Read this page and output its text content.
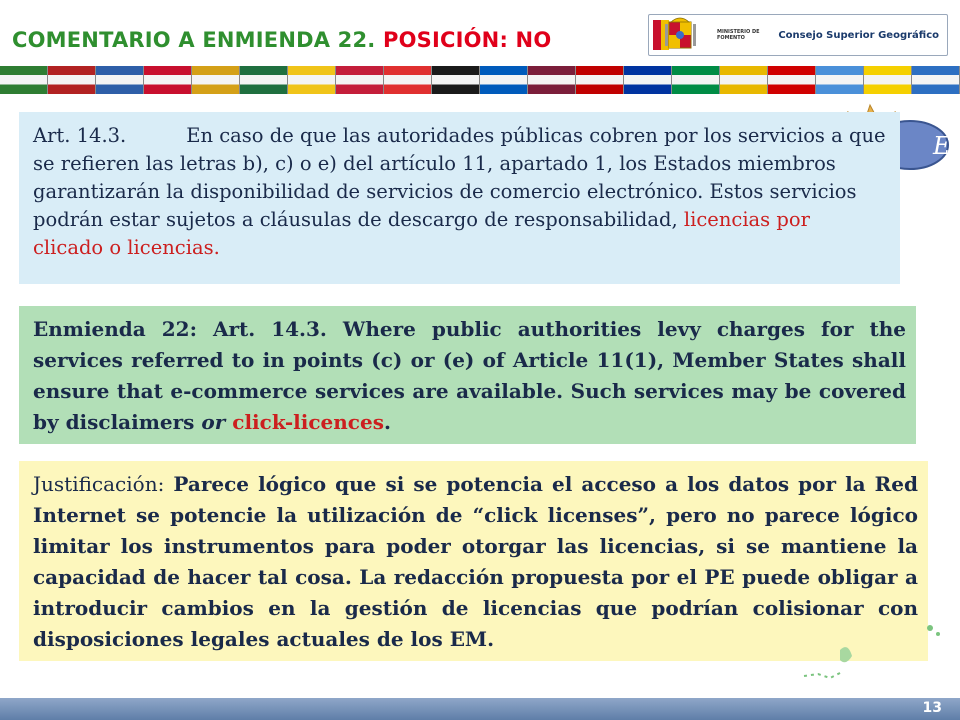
COMENTARIO A ENMIENDA 22. POSICIÓN: NO	MINISTERIO DE FOMENTO	Consejo Superior Geográfico
E
Art. 14.3.	En caso de que las autoridades públicas cobren por los servicios a que se refieren las letras b), c) o e) del artículo 11, apartado 1, los Estados miembros garantizarán la disponibilidad de servicios de comercio electrónico. Estos servicios podrán estar sujetos a cláusulas de descargo de responsabilidad, licencias por clicado o licencias.
Enmienda 22: Art. 14.3. Where public authorities levy charges for the services referred to in points (c) or (e) of Article 11(1), Member States shall ensure that e-commerce services are available. Such services may be covered by disclaimers or click-licences.
Justificación: Parece lógico que si se potencia el acceso a los datos por la Red Internet se potencie la utilización de “click licenses”, pero no parece lógico limitar los instrumentos para poder otorgar las licencias, si se mantiene la capacidad de hacer tal cosa. La redacción propuesta por el PE puede obligar a introducir cambios en la gestión de licencias que podrían colisionar con disposiciones legales actuales de los EM.
13
